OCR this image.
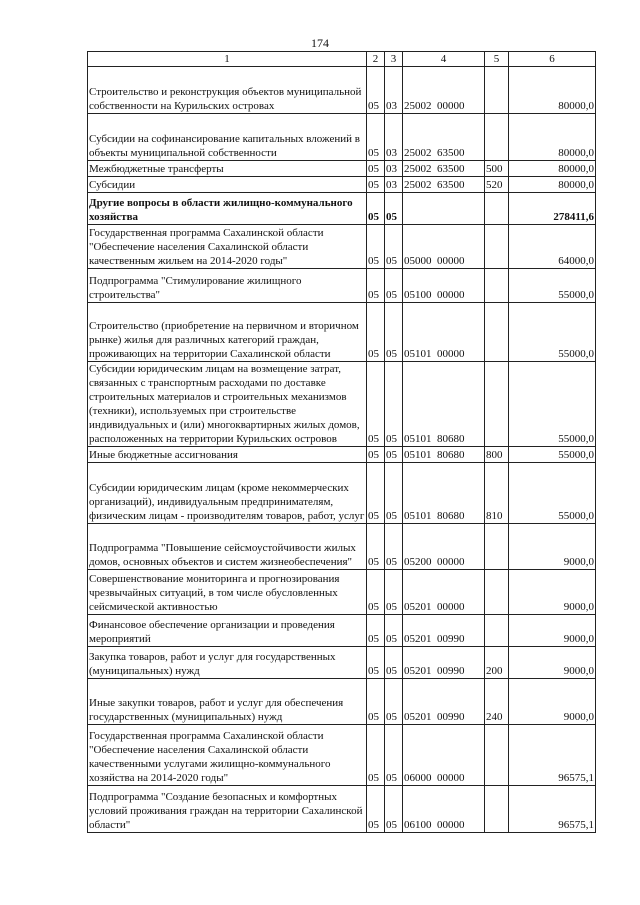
174
1	2	3	4	5	6
Строительство и реконструкция объектов муниципальной собственности на Курильских островах	05	03	25002  00000		80000,0
Субсидии на софинансирование капитальных вложений в объекты муниципальной собственности	05	03	25002  63500		80000,0
Межбюджетные трансферты	05	03	25002  63500	500	80000,0
Субсидии	05	03	25002  63500	520	80000,0
Другие вопросы в области жилищно-коммунального хозяйства	05	05			278411,6
Государственная программа Сахалинской области "Обеспечение населения Сахалинской области качественным жильем на 2014-2020 годы"	05	05	05000  00000		64000,0
Подпрограмма "Стимулирование жилищного строительства"	05	05	05100  00000		55000,0
Строительство (приобретение на первичном и вторичном рынке) жилья для различных категорий граждан, проживающих на территории Сахалинской области	05	05	05101  00000		55000,0
Субсидии юридическим лицам на возмещение затрат, связанных с транспортным расходами по доставке строительных материалов и строительных механизмов (техники), используемых при строительстве индивидуальных и (или) многоквартирных жилых домов, расположенных на территории Курильских островов	05	05	05101  80680		55000,0
Иные бюджетные ассигнования	05	05	05101  80680	800	55000,0
Субсидии юридическим лицам (кроме некоммерческих организаций), индивидуальным предпринимателям, физическим лицам - производителям товаров, работ, услуг	05	05	05101  80680	810	55000,0
Подпрограмма "Повышение сейсмоустойчивости жилых домов, основных объектов и систем жизнеобеспечения"	05	05	05200  00000		9000,0
Совершенствование мониторинга и прогнозирования чрезвычайных ситуаций, в том числе обусловленных сейсмической активностью	05	05	05201  00000		9000,0
Финансовое обеспечение организации и проведения мероприятий	05	05	05201  00990		9000,0
Закупка товаров, работ и услуг для государственных (муниципальных) нужд	05	05	05201  00990	200	9000,0
Иные закупки товаров, работ и услуг для обеспечения государственных (муниципальных) нужд	05	05	05201  00990	240	9000,0
Государственная программа Сахалинской области "Обеспечение населения Сахалинской области качественными услугами жилищно-коммунального хозяйства на 2014-2020 годы"	05	05	06000  00000		96575,1
Подпрограмма "Создание безопасных и комфортных условий проживания граждан на территории Сахалинской области"	05	05	06100  00000		96575,1
